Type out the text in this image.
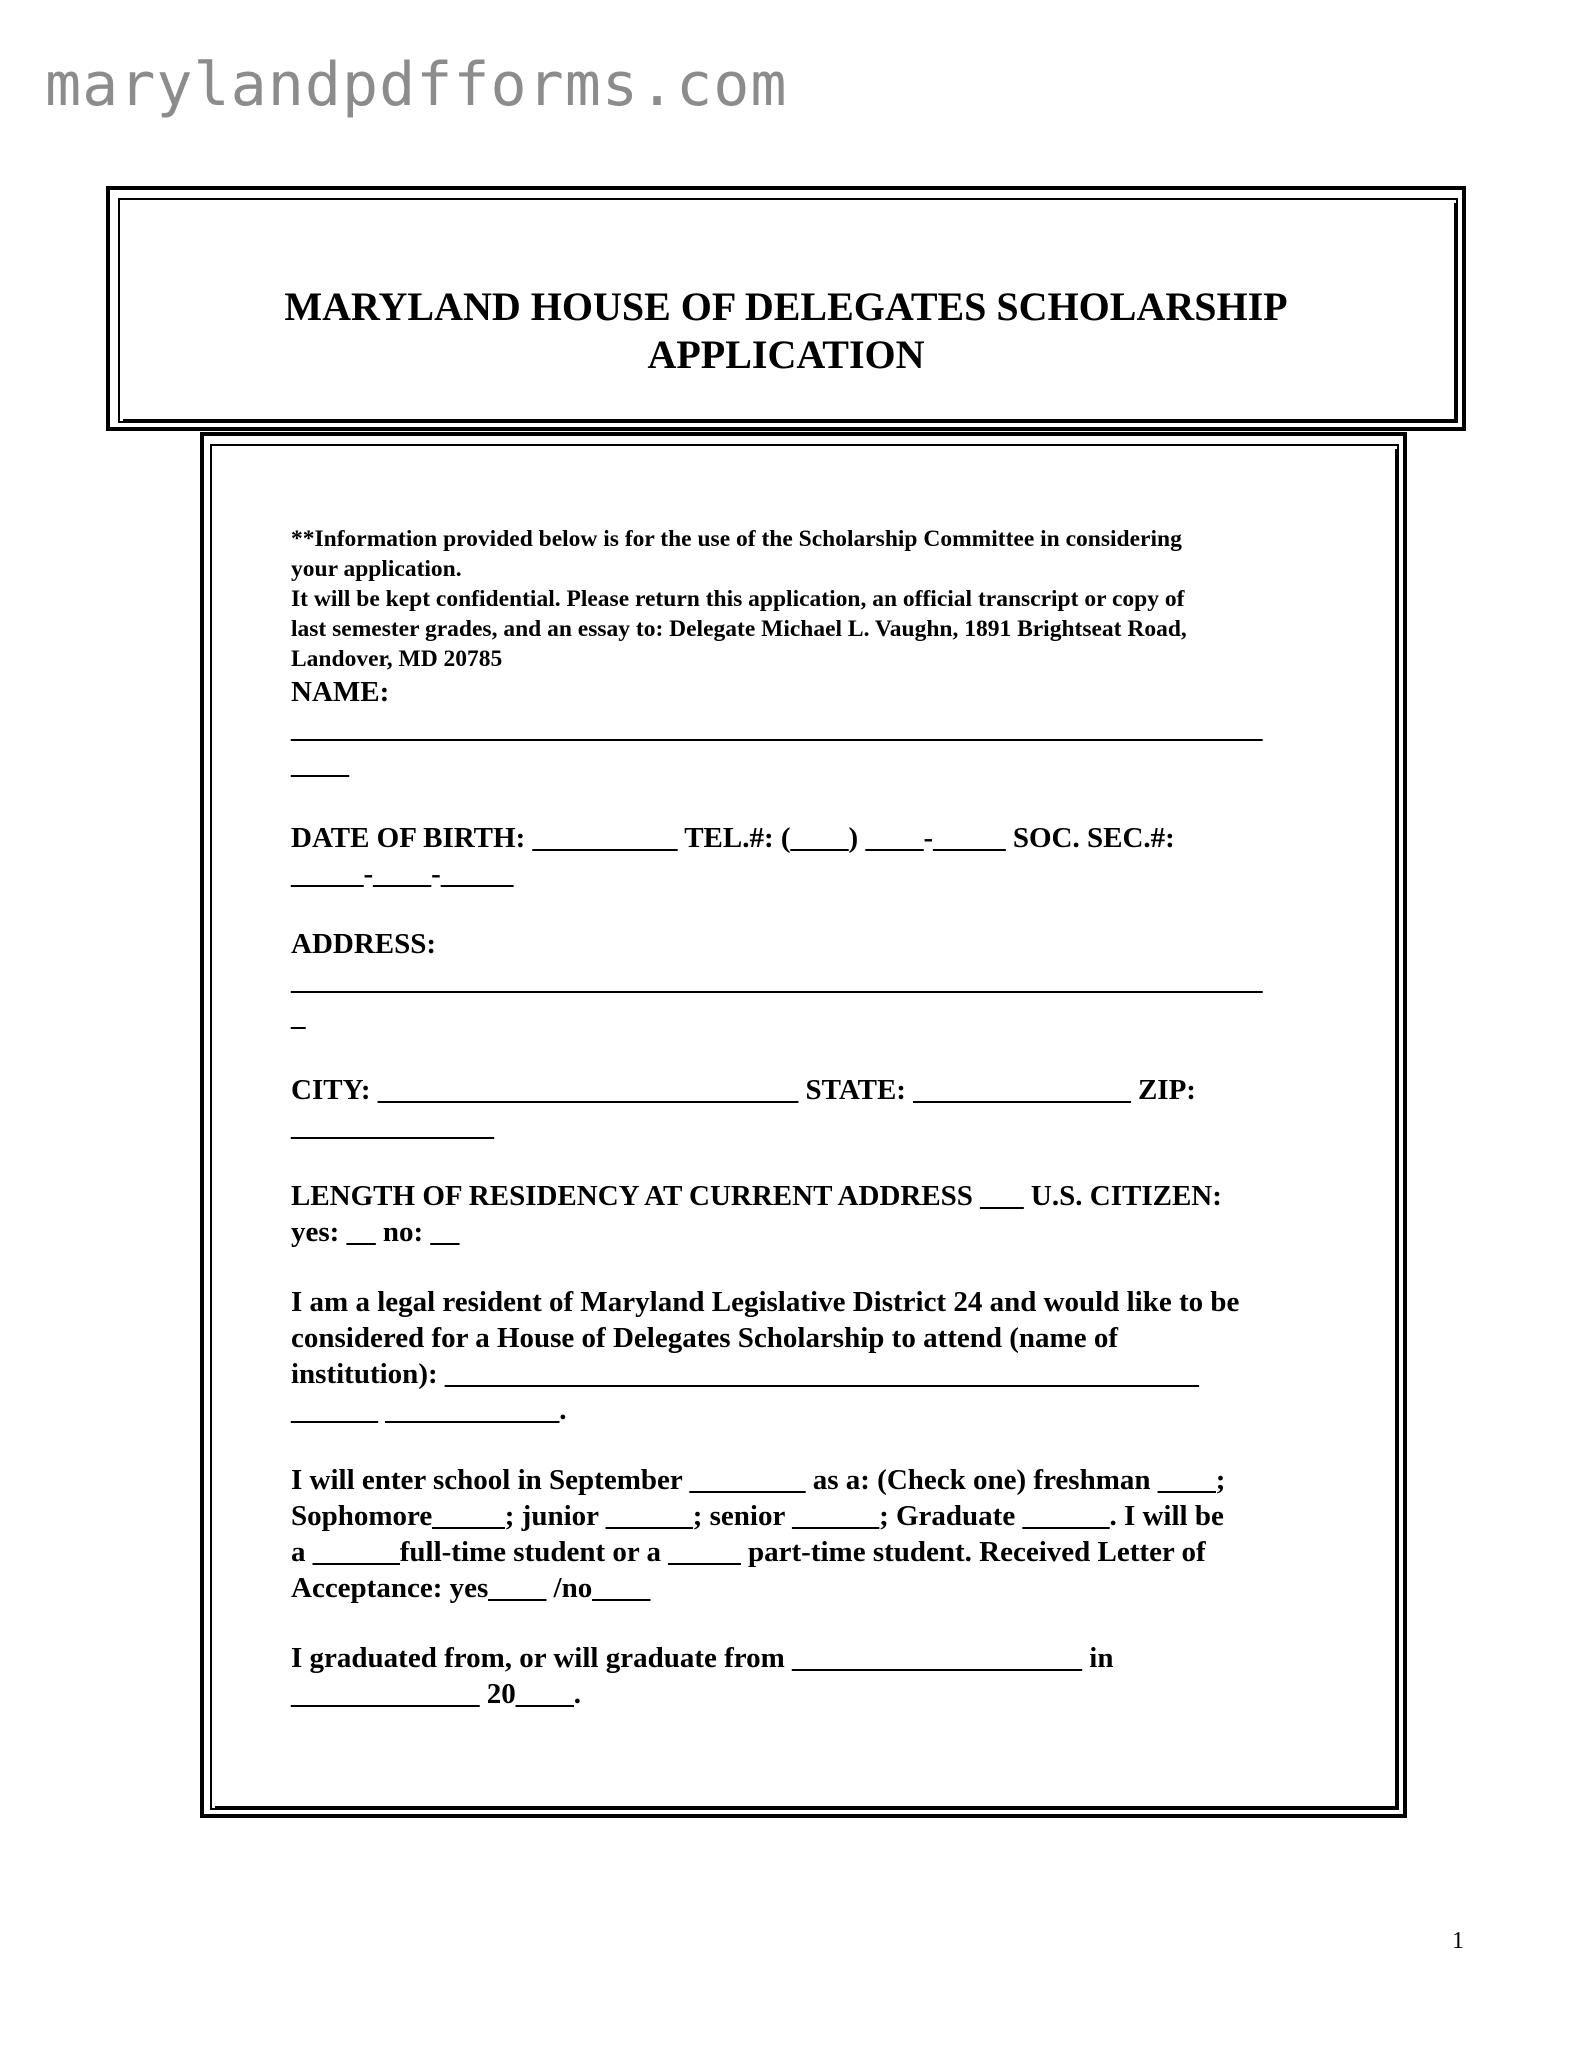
marylandpdfforms.com
MARYLAND HOUSE OF DELEGATES SCHOLARSHIP
APPLICATION
**Information provided below is for the use of the Scholarship Committee in considering
your application.
It will be kept confidential. Please return this application, an official transcript or copy of
last semester grades, and an essay to: Delegate Michael L. Vaughn, 1891 Brightseat Road,
Landover, MD 20785
NAME:
___________________________________________________________________
____
DATE OF BIRTH: __________ TEL.#: (____) ____-_____ SOC. SEC.#:
_____-____-_____
ADDRESS:
___________________________________________________________________
_
CITY: _____________________________ STATE: _______________ ZIP:
______________
LENGTH OF RESIDENCY AT CURRENT ADDRESS ___ U.S. CITIZEN:
yes: __ no: __
I am a legal resident of Maryland Legislative District 24 and would like to be
considered for a House of Delegates Scholarship to attend (name of
institution): ____________________________________________________
______ ____________.
I will enter school in September ________ as a: (Check one) freshman ____;
Sophomore_____; junior ______; senior ______; Graduate ______. I will be
a ______full-time student or a _____ part-time student. Received Letter of
Acceptance: yes____ /no____
I graduated from, or will graduate from ____________________ in
_____________ 20____.
1
